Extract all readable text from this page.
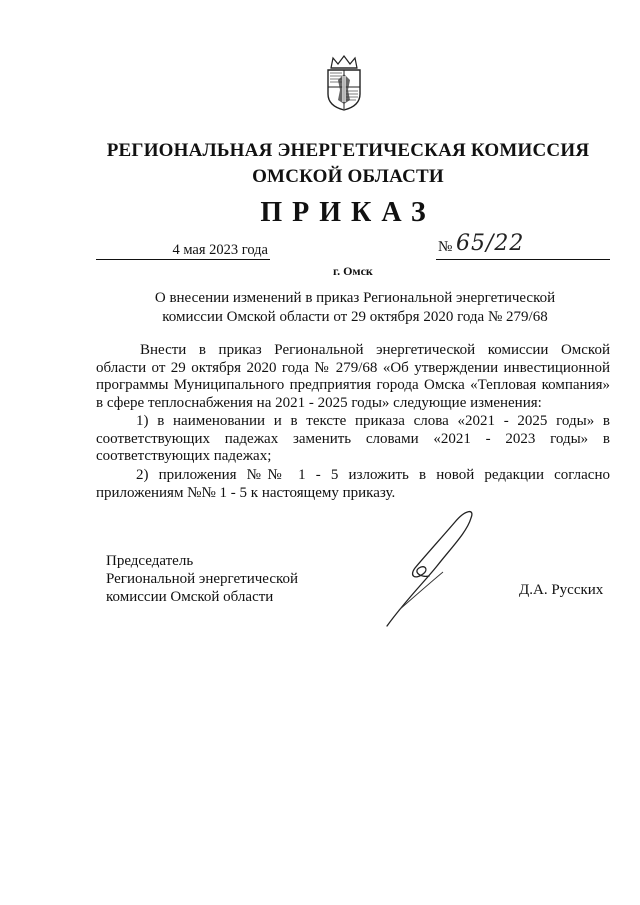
РЕГИОНАЛЬНАЯ ЭНЕРГЕТИЧЕСКАЯ КОМИССИЯ
ОМСКОЙ ОБЛАСТИ
ПРИКАЗ
4 мая 2023 года	№ 65/22
г. Омск
О внесении изменений в приказ Региональной энергетической
комиссии Омской области от 29 октября 2020 года № 279/68
Внести в приказ Региональной энергетической комиссии Омской области от 29 октября 2020 года № 279/68 «Об утверждении инвестиционной программы Муниципального предприятия города Омска «Тепловая компания» в сфере теплоснабжения на 2021 - 2025 годы» следующие изменения:
1) в наименовании и в тексте приказа слова «2021 - 2025 годы» в соответствующих падежах заменить словами «2021 - 2023 годы» в соответствующих падежах;
2) приложения №№ 1 - 5 изложить в новой редакции согласно приложениям №№ 1 - 5 к настоящему приказу.
Председатель
Региональной энергетической
комиссии Омской области	Д.А. Русских
